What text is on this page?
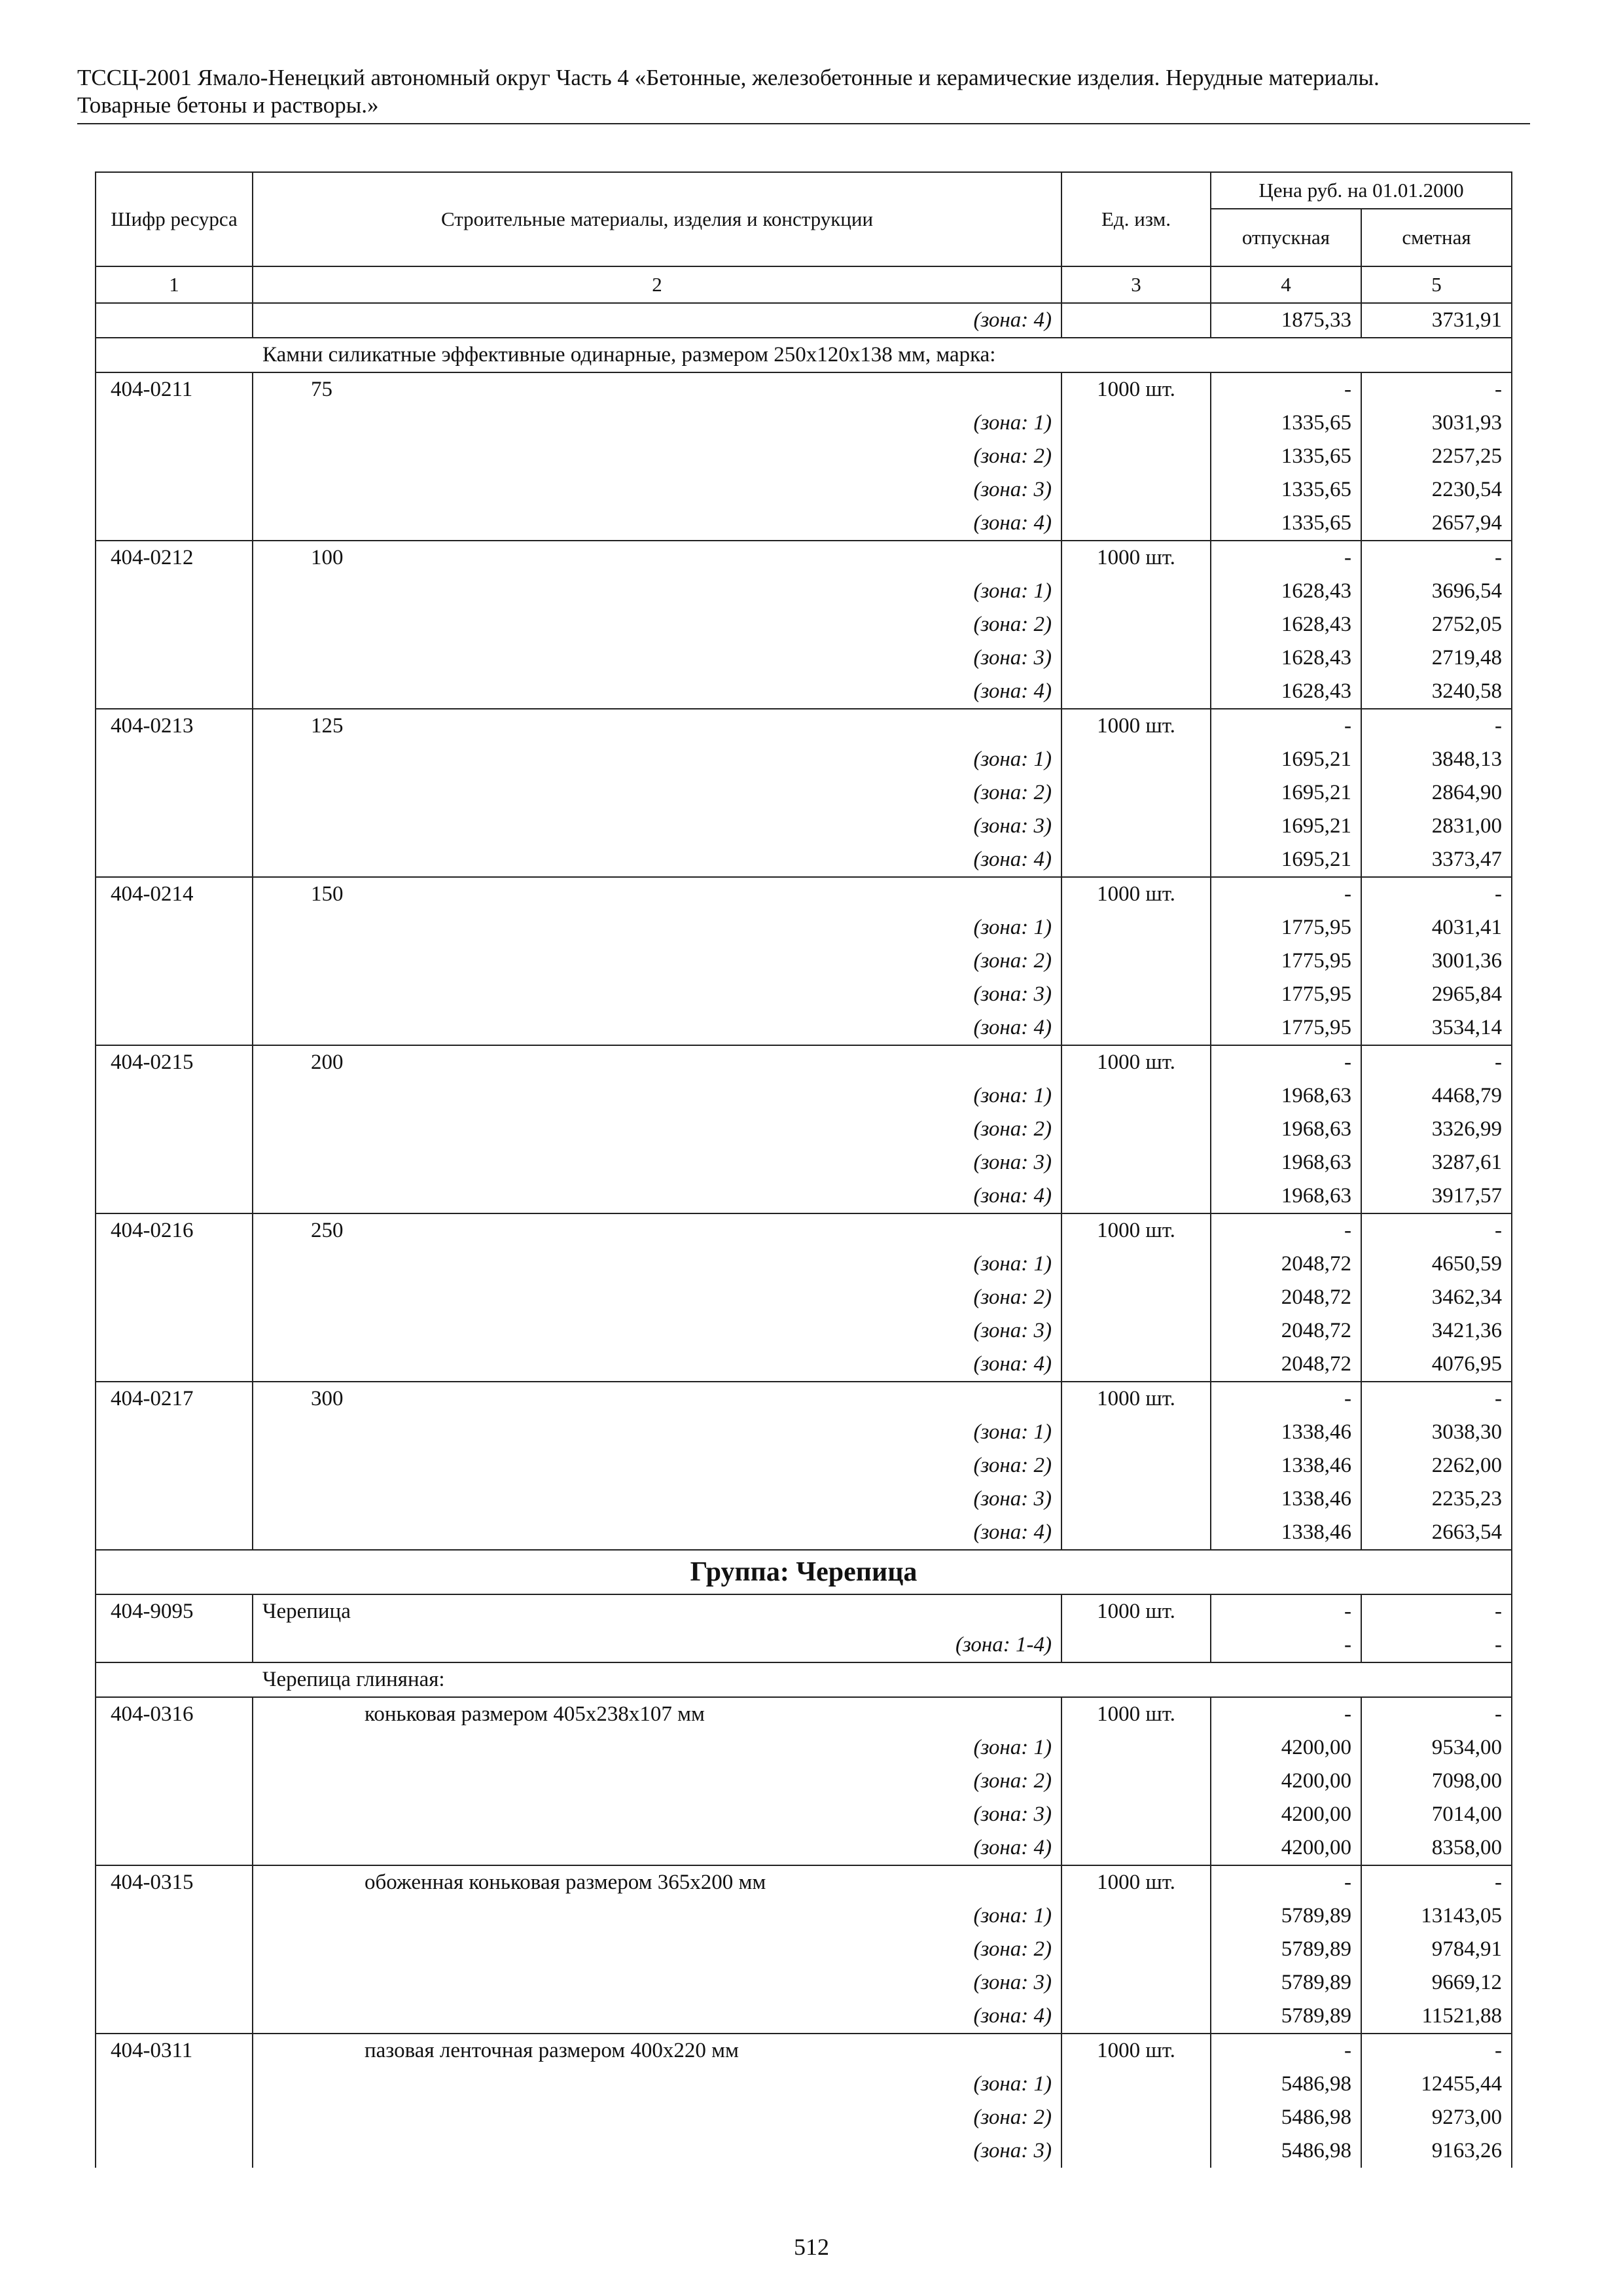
ТССЦ-2001 Ямало-Ненецкий автономный округ Часть 4 «Бетонные, железобетонные и керамические изделия. Нерудные материалы.
Товарные бетоны и растворы.»
Шифр ресурса	Строительные материалы, изделия и конструкции	Ед. изм.	Цена руб. на 01.01.2000	
			отпускная	сметная
1	2	3	4	5
	(зона: 4)		1875,33	3731,91
Камни силикатные эффективные одинарные, размером 250x120x138 мм, марка:				
404-0211	75	1000 шт.	-	-
	(зона: 1)		1335,65	3031,93
	(зона: 2)		1335,65	2257,25
	(зона: 3)		1335,65	2230,54
	(зона: 4)		1335,65	2657,94
404-0212	100	1000 шт.	-	-
	(зона: 1)		1628,43	3696,54
	(зона: 2)		1628,43	2752,05
	(зона: 3)		1628,43	2719,48
	(зона: 4)		1628,43	3240,58
404-0213	125	1000 шт.	-	-
	(зона: 1)		1695,21	3848,13
	(зона: 2)		1695,21	2864,90
	(зона: 3)		1695,21	2831,00
	(зона: 4)		1695,21	3373,47
404-0214	150	1000 шт.	-	-
	(зона: 1)		1775,95	4031,41
	(зона: 2)		1775,95	3001,36
	(зона: 3)		1775,95	2965,84
	(зона: 4)		1775,95	3534,14
404-0215	200	1000 шт.	-	-
	(зона: 1)		1968,63	4468,79
	(зона: 2)		1968,63	3326,99
	(зона: 3)		1968,63	3287,61
	(зона: 4)		1968,63	3917,57
404-0216	250	1000 шт.	-	-
	(зона: 1)		2048,72	4650,59
	(зона: 2)		2048,72	3462,34
	(зона: 3)		2048,72	3421,36
	(зона: 4)		2048,72	4076,95
404-0217	300	1000 шт.	-	-
	(зона: 1)		1338,46	3038,30
	(зона: 2)		1338,46	2262,00
	(зона: 3)		1338,46	2235,23
	(зона: 4)		1338,46	2663,54
Группа: Черепица				
404-9095	Черепица	1000 шт.	-	-
	(зона: 1-4)		-	-
Черепица глиняная:				
404-0316	коньковая размером 405x238x107 мм	1000 шт.	-	-
	(зона: 1)		4200,00	9534,00
	(зона: 2)		4200,00	7098,00
	(зона: 3)		4200,00	7014,00
	(зона: 4)		4200,00	8358,00
404-0315	обоженная коньковая размером 365x200 мм	1000 шт.	-	-
	(зона: 1)		5789,89	13143,05
	(зона: 2)		5789,89	9784,91
	(зона: 3)		5789,89	9669,12
	(зона: 4)		5789,89	11521,88
404-0311	пазовая ленточная размером 400x220 мм	1000 шт.	-	-
	(зона: 1)		5486,98	12455,44
	(зона: 2)		5486,98	9273,00
	(зона: 3)		5486,98	9163,26
512
